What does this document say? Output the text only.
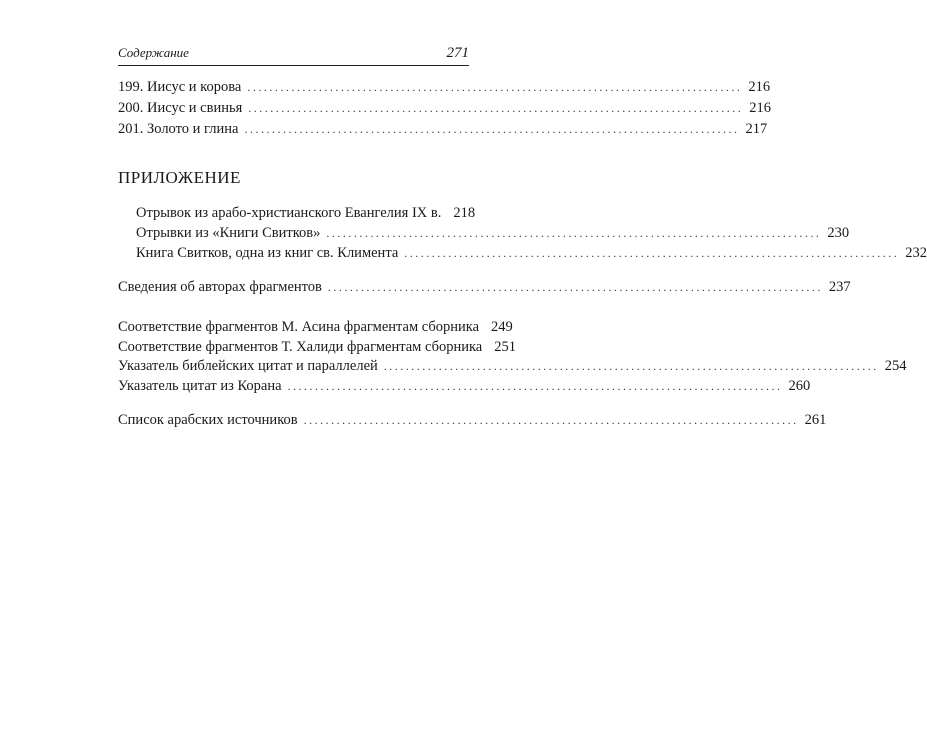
Содержание	271
199. Иисус и корова .......................................................................................... 216
200. Иисус и свинья .......................................................................................... 216
201. Золото и глина .......................................................................................... 217
ПРИЛОЖЕНИЕ
Отрывок из арабо-христианского Евангелия IX в. 218
Отрывки из «Книги Свитков» .......................................................................................... 230
Книга Свитков, одна из книг св. Климента .......................................................................................... 232
Сведения об авторах фрагментов .......................................................................................... 237
Соответствие фрагментов М. Асина фрагментам сборника 249
Соответствие фрагментов Т. Халиди фрагментам сборника 251
Указатель библейских цитат и параллелей .......................................................................................... 254
Указатель цитат из Корана .......................................................................................... 260
Список арабских источников .......................................................................................... 261
